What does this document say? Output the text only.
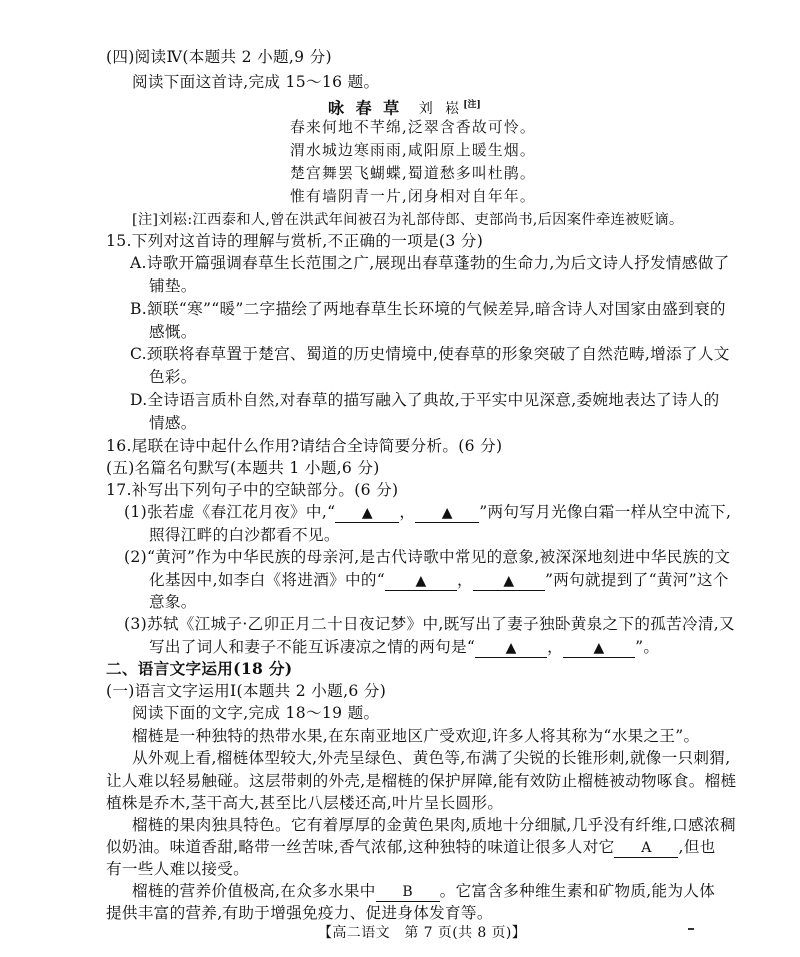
(四)阅读Ⅳ(本题共 2 小题,9 分)
阅读下面这首诗,完成 15～16 题。
咏 春 草 刘 崧[注]
春来何地不芊绵,泛翠含香故可怜。
渭水城边寒雨雨,咸阳原上暖生烟。
楚宫舞罢飞蝴蝶,蜀道愁多叫杜鹃。
惟有墙阴青一片,闭身相对自年年。
[注]刘崧:江西泰和人,曾在洪武年间被召为礼部侍郎、吏部尚书,后因案件牵连被贬谪。
15.下列对这首诗的理解与赏析,不正确的一项是(3 分)
A.诗歌开篇强调春草生长范围之广,展现出春草蓬勃的生命力,为后文诗人抒发情感做了
铺垫。
B.颔联“寒”“暖”二字描绘了两地春草生长环境的气候差异,暗含诗人对国家由盛到衰的
感慨。
C.颈联将春草置于楚宫、蜀道的历史情境中,使春草的形象突破了自然范畴,增添了人文
色彩。
D.全诗语言质朴自然,对春草的描写融入了典故,于平实中见深意,委婉地表达了诗人的
情感。
16.尾联在诗中起什么作用?请结合全诗简要分析。(6 分)
(五)名篇名句默写(本题共 1 小题,6 分)
17.补写出下列句子中的空缺部分。(6 分)
(1)张若虚《春江花月夜》中,“ ▲ ， ▲ ”两句写月光像白霜一样从空中流下,
照得江畔的白沙都看不见。
(2)“黄河”作为中华民族的母亲河,是古代诗歌中常见的意象,被深深地刻进中华民族的文
化基因中,如李白《将进酒》中的“ ▲ ， ▲ ”两句就提到了“黄河”这个
意象。
(3)苏轼《江城子·乙卯正月二十日夜记梦》中,既写出了妻子独卧黄泉之下的孤苦冷清,又
写出了词人和妻子不能互诉凄凉之情的两句是“ ▲ ， ▲ ”。
二、语言文字运用(18 分)
(一)语言文字运用Ⅰ(本题共 2 小题,6 分)
阅读下面的文字,完成 18～19 题。
榴梿是一种独特的热带水果,在东南亚地区广受欢迎,许多人将其称为“水果之王”。
从外观上看,榴梿体型较大,外壳呈绿色、黄色等,布满了尖锐的长锥形刺,就像一只刺猬,
让人难以轻易触碰。这层带刺的外壳,是榴梿的保护屏障,能有效防止榴梿被动物啄食。榴梿
植株是乔木,茎干高大,甚至比八层楼还高,叶片呈长圆形。
榴梿的果肉独具特色。它有着厚厚的金黄色果肉,质地十分细腻,几乎没有纤维,口感浓稠
似奶油。味道香甜,略带一丝苦味,香气浓郁,这种独特的味道让很多人对它 A ,但也
有一些人难以接受。
榴梿的营养价值极高,在众多水果中 B 。它富含多种维生素和矿物质,能为人体
提供丰富的营养,有助于增强免疫力、促进身体发育等。
【高二语文　第 7 页(共 8 页)】
